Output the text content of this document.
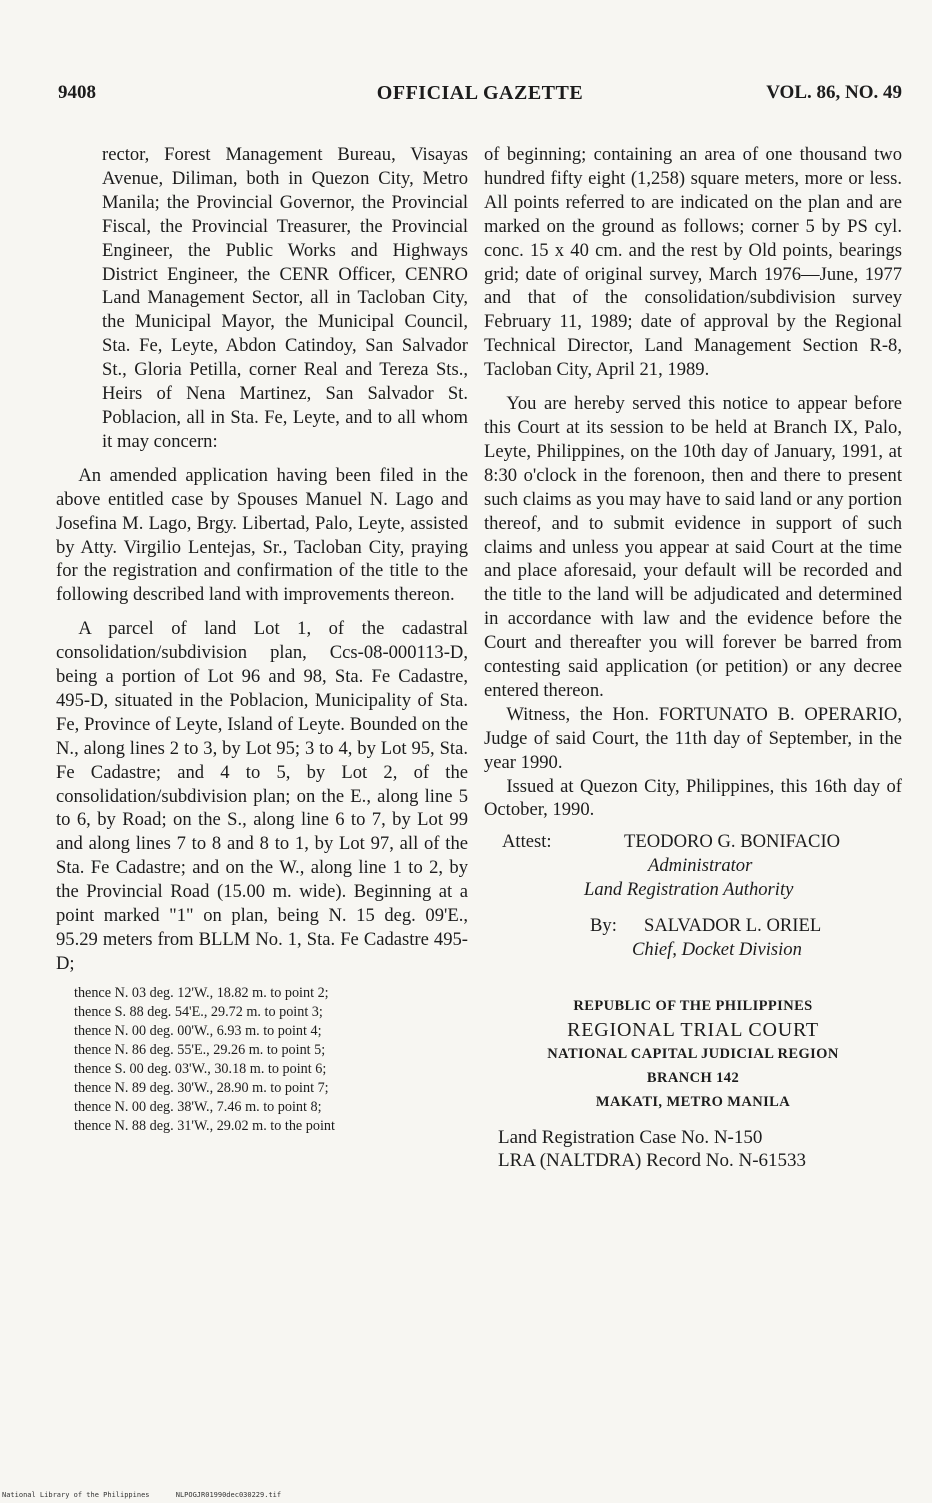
9408	OFFICIAL GAZETTE	VOL. 86, NO. 49

rector, Forest Management Bureau, Visayas Avenue, Diliman, both in Quezon City, Metro Manila; the Provincial Governor, the Provincial Fiscal, the Provincial Treasurer, the Provincial Engineer, the Public Works and Highways District Engineer, the CENR Officer, CENRO Land Management Sector, all in Tacloban City, the Municipal Mayor, the Municipal Council, Sta. Fe, Leyte, Abdon Catindoy, San Salvador St., Gloria Petilla, corner Real and Tereza Sts., Heirs of Nena Martinez, San Salvador St. Poblacion, all in Sta. Fe, Leyte, and to all whom it may concern:

An amended application having been filed in the above entitled case by Spouses Manuel N. Lago and Josefina M. Lago, Brgy. Libertad, Palo, Leyte, assisted by Atty. Virgilio Lentejas, Sr., Tacloban City, praying for the registration and confirmation of the title to the following described land with improvements thereon.

A parcel of land Lot 1, of the cadastral consolidation/subdivision plan, Ccs-08-000113-D, being a portion of Lot 96 and 98, Sta. Fe Cadastre, 495-D, situated in the Poblacion, Municipality of Sta. Fe, Province of Leyte, Island of Leyte. Bounded on the N., along lines 2 to 3, by Lot 95; 3 to 4, by Lot 95, Sta. Fe Cadastre; and 4 to 5, by Lot 2, of the consolidation/subdivision plan; on the E., along line 5 to 6, by Road; on the S., along line 6 to 7, by Lot 99 and along lines 7 to 8 and 8 to 1, by Lot 97, all of the Sta. Fe Cadastre; and on the W., along line 1 to 2, by the Provincial Road (15.00 m. wide). Beginning at a point marked "1" on plan, being N. 15 deg. 09'E., 95.29 meters from BLLM No. 1, Sta. Fe Cadastre 495-D;

thence N. 03 deg. 12'W., 18.82 m. to point 2;
thence S. 88 deg. 54'E., 29.72 m. to point 3;
thence N. 00 deg. 00'W., 6.93 m. to point 4;
thence N. 86 deg. 55'E., 29.26 m. to point 5;
thence S. 00 deg. 03'W., 30.18 m. to point 6;
thence N. 89 deg. 30'W., 28.90 m. to point 7;
thence N. 00 deg. 38'W., 7.46 m. to point 8;
thence N. 88 deg. 31'W., 29.02 m. to the point

of beginning; containing an area of one thousand two hundred fifty eight (1,258) square meters, more or less. All points referred to are indicated on the plan and are marked on the ground as follows; corner 5 by PS cyl. conc. 15 x 40 cm. and the rest by Old points, bearings grid; date of original survey, March 1976—June, 1977 and that of the consolidation/subdivision survey February 11, 1989; date of approval by the Regional Technical Director, Land Management Section R-8, Tacloban City, April 21, 1989.

You are hereby served this notice to appear before this Court at its session to be held at Branch IX, Palo, Leyte, Philippines, on the 10th day of January, 1991, at 8:30 o'clock in the forenoon, then and there to present such claims as you may have to said land or any portion thereof, and to submit evidence in support of such claims and unless you appear at said Court at the time and place aforesaid, your default will be recorded and the title to the land will be adjudicated and determined in accordance with law and the evidence before the Court and thereafter you will forever be barred from contesting said application (or petition) or any decree entered thereon.

Witness, the Hon. FORTUNATO B. OPERARIO, Judge of said Court, the 11th day of September, in the year 1990.

Issued at Quezon City, Philippines, this 16th day of October, 1990.

Attest:	TEODORO G. BONIFACIO
Administrator
Land Registration Authority
By: SALVADOR L. ORIEL
Chief, Docket Division
REPUBLIC OF THE PHILIPPINES
REGIONAL TRIAL COURT
NATIONAL CAPITAL JUDICIAL REGION
BRANCH 142
MAKATI, METRO MANILA
Land Registration Case No. N-150
LRA (NALTDRA) Record No. N-61533
National Library of the Philippines	NLPOGJR01990dec030229.tif
